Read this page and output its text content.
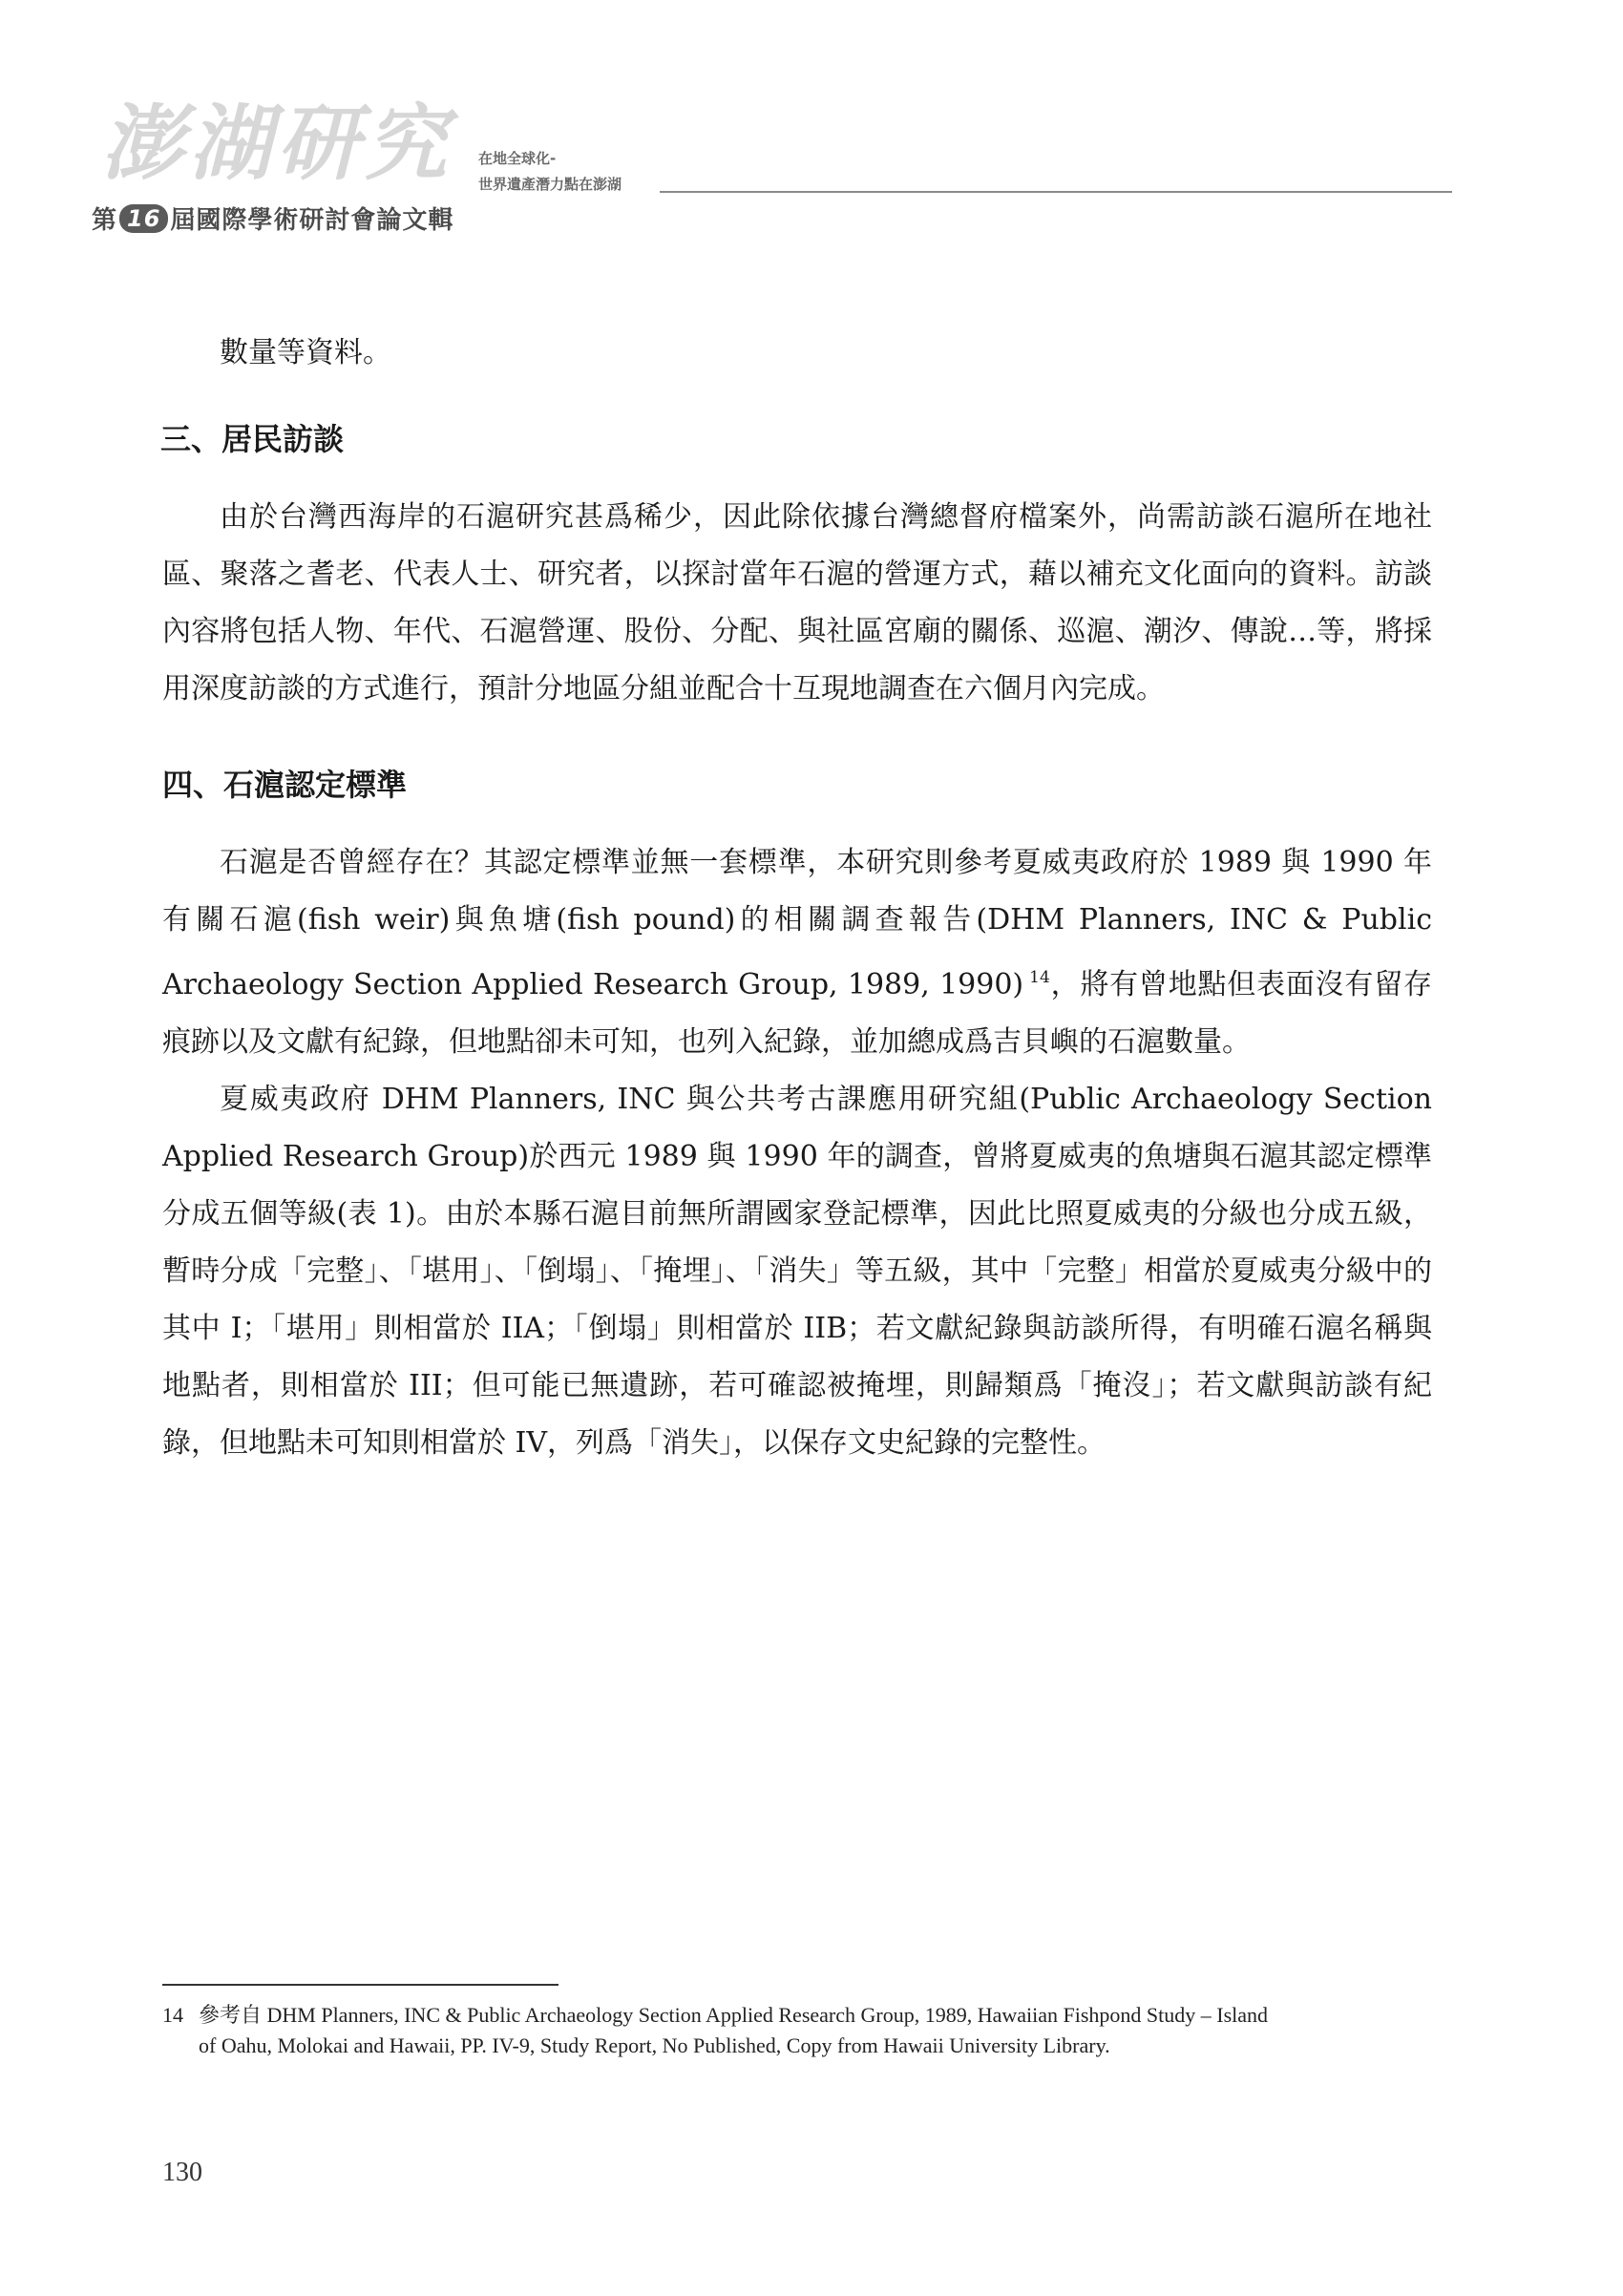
澎湖研究
第 16 屆國際學術研討會論文輯
在地全球化-
世界遺產潛力點在澎湖

數量等資料。

三、居民訪談

由於台灣西海岸的石滬研究甚爲稀少，因此除依據台灣總督府檔案外，尚需訪談石滬所在地社區、聚落之耆老、代表人士、研究者，以探討當年石滬的營運方式，藉以補充文化面向的資料。訪談內容將包括人物、年代、石滬營運、股份、分配、與社區宮廟的關係、巡滬、潮汐、傳說…等，將採用深度訪談的方式進行，預計分地區分組並配合十互現地調查在六個月內完成。

四、石滬認定標準

石滬是否曾經存在？其認定標準並無一套標準，本研究則參考夏威夷政府於 1989 與 1990 年有關石滬(fish weir)與魚塘(fish pound)的相關調查報告(DHM Planners, INC & Public Archaeology Section Applied Research Group, 1989, 1990) $^{14}$，將有曾地點但表面沒有留存痕跡以及文獻有紀錄，但地點卻未可知，也列入紀錄，並加總成爲吉貝嶼的石滬數量。

夏威夷政府 DHM Planners, INC 與公共考古課應用研究組(Public Archaeology Section Applied Research Group)於西元 1989 與 1990 年的調查，曾將夏威夷的魚塘與石滬其認定標準分成五個等級(表 1)。由於本縣石滬目前無所謂國家登記標準，因此比照夏威夷的分級也分成五級，暫時分成「完整」、「堪用」、「倒塌」、「掩埋」、「消失」等五級，其中「完整」相當於夏威夷分級中的其中 I；「堪用」則相當於 IIA；「倒塌」則相當於 IIB；若文獻紀錄與訪談所得，有明確石滬名稱與地點者，則相當於 III；但可能已無遺跡，若可確認被掩埋，則歸類爲「掩沒」；若文獻與訪談有紀錄，但地點未可知則相當於 IV，列爲「消失」，以保存文史紀錄的完整性。

14 參考自 DHM Planners, INC & Public Archaeology Section Applied Research Group, 1989, Hawaiian Fishpond Study – Island
of Oahu, Molokai and Hawaii, PP. IV-9, Study Report, No Published, Copy from Hawaii University Library.
130
